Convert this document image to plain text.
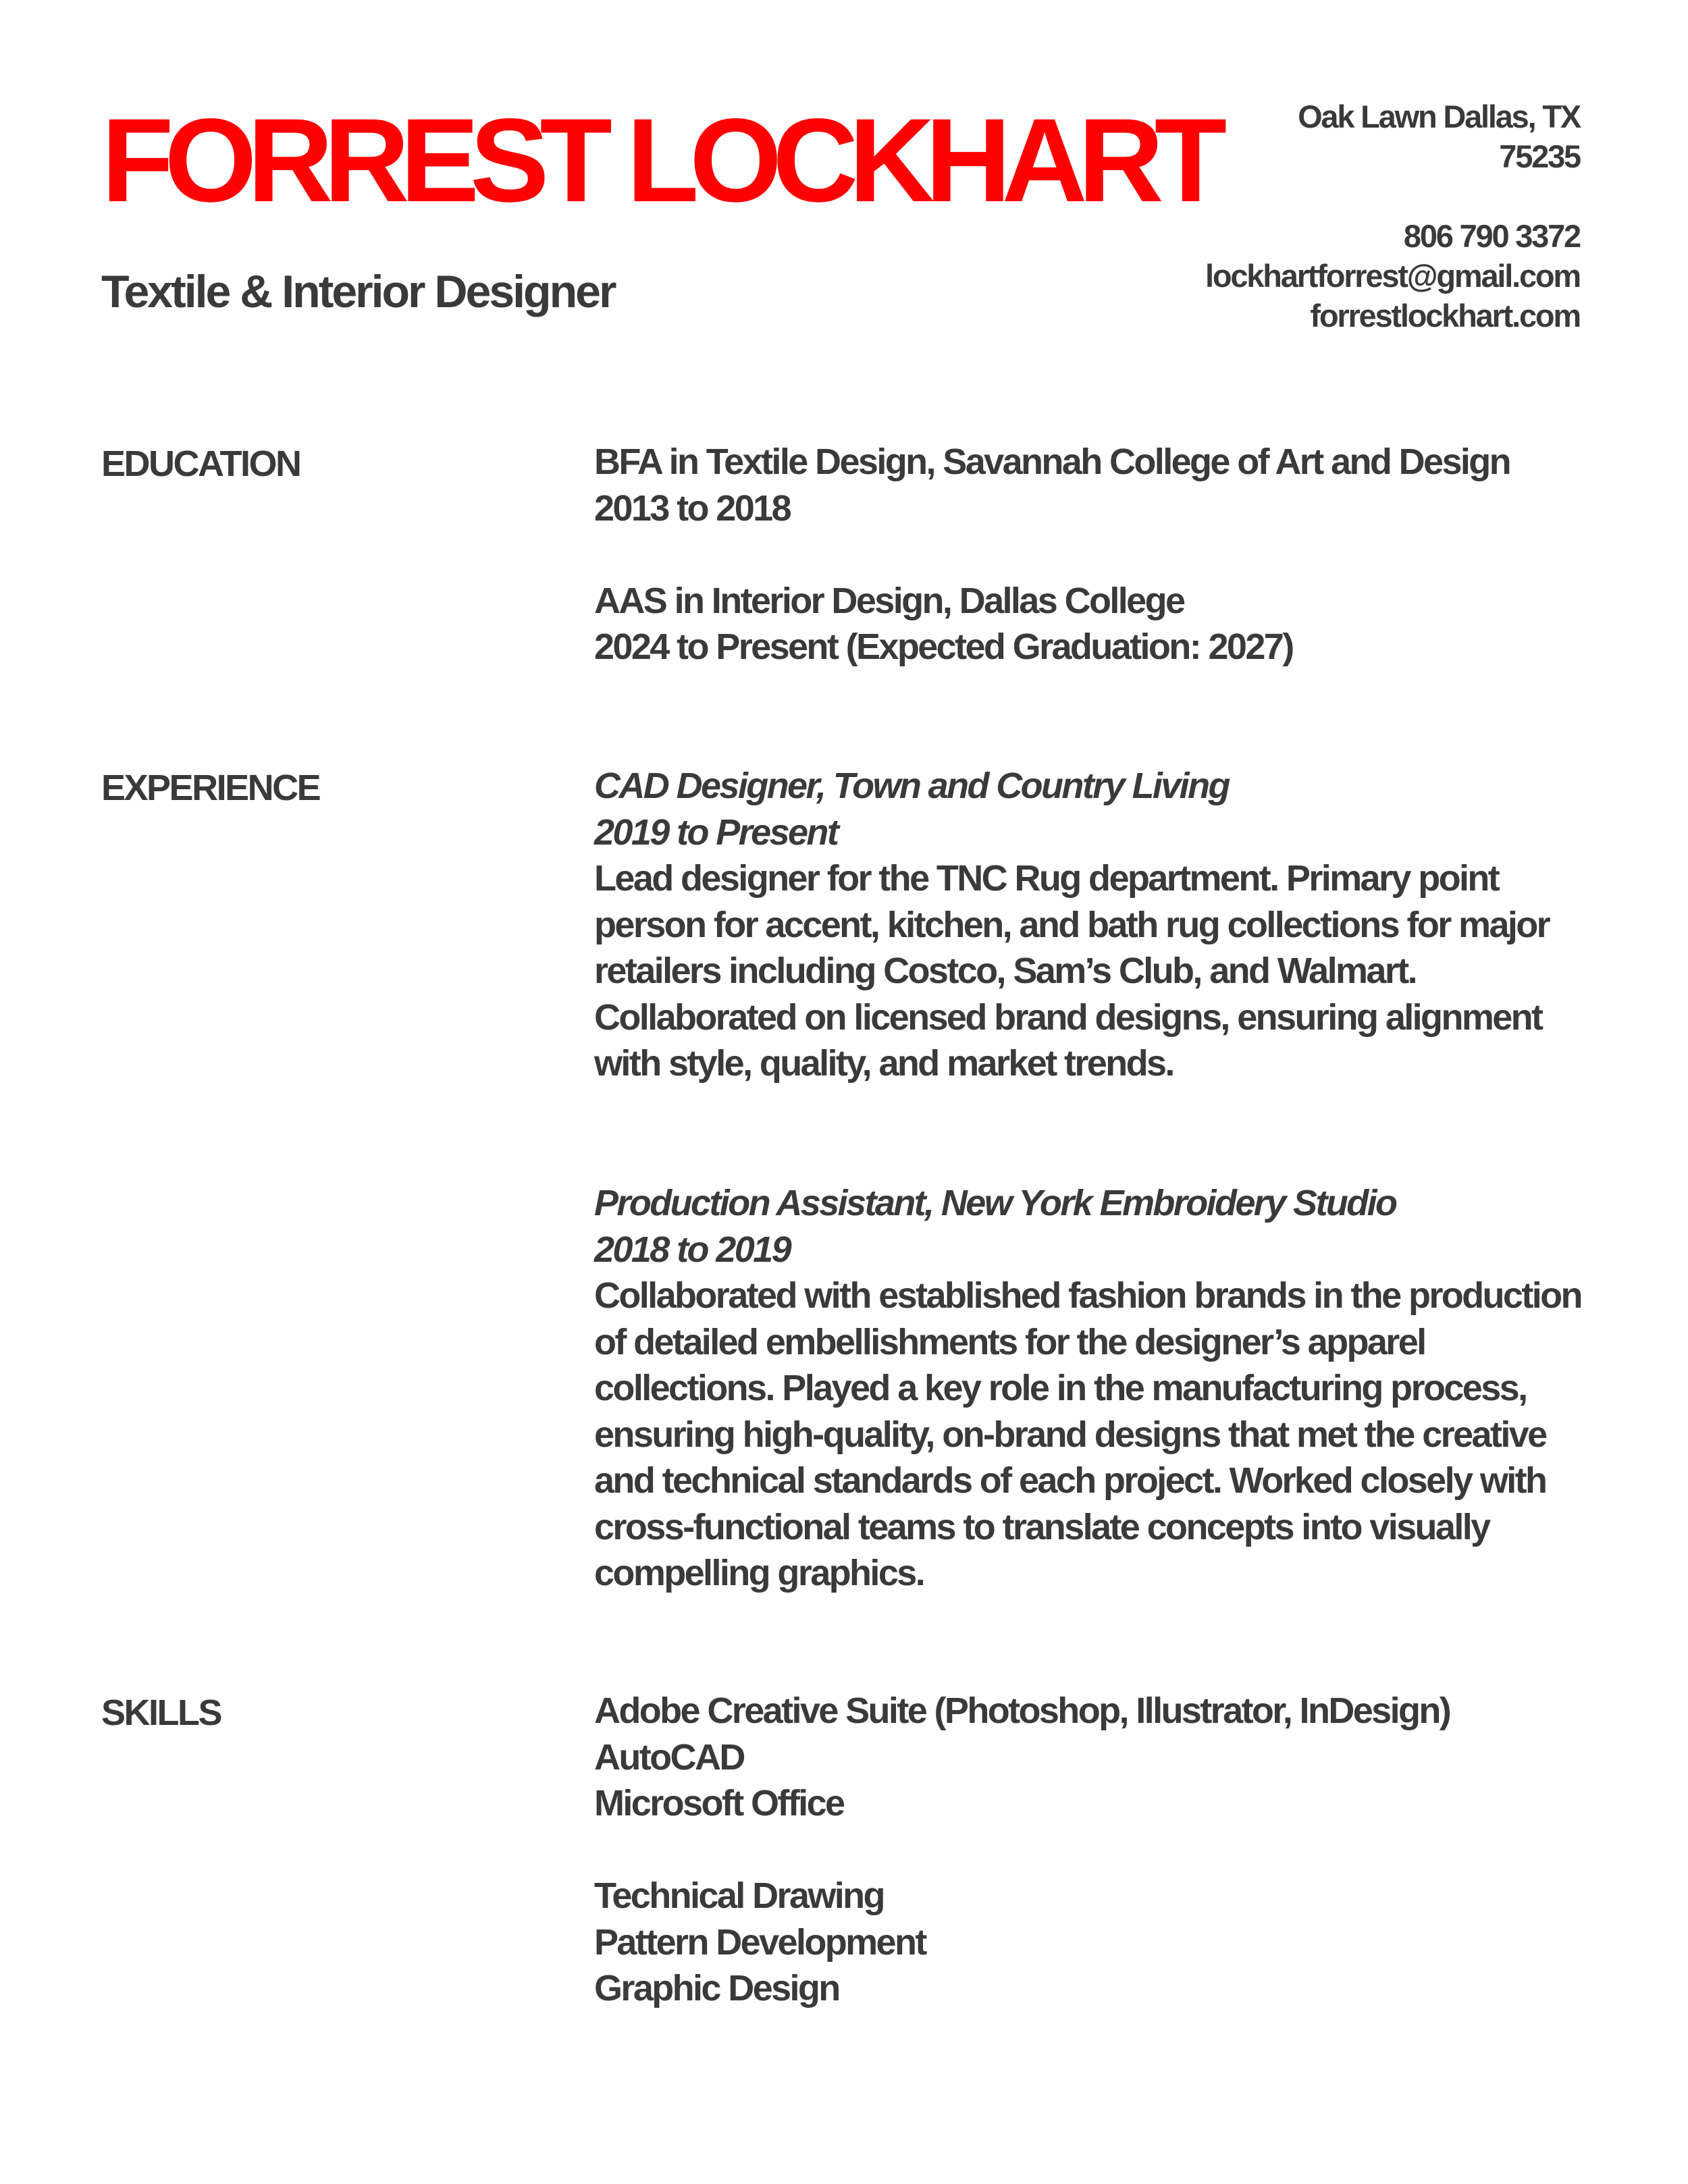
FORREST LOCKHART
Textile & Interior Designer
Oak Lawn Dallas, TX
75235
806 790 3372
lockhartforrest@gmail.com
forrestlockhart.com
EDUCATION	BFA in Textile Design, Savannah College of Art and Design
2013 to 2018
AAS in Interior Design, Dallas College
2024 to Present (Expected Graduation: 2027)
EXPERIENCE	CAD Designer, Town and Country Living
2019 to Present
Lead designer for the TNC Rug department. Primary point
person for accent, kitchen, and bath rug collections for major
retailers including Costco, Sam’s Club, and Walmart.
Collaborated on licensed brand designs, ensuring alignment
with style, quality, and market trends.
Production Assistant, New York Embroidery Studio
2018 to 2019
Collaborated with established fashion brands in the production
of detailed embellishments for the designer’s apparel
collections. Played a key role in the manufacturing process,
ensuring high-quality, on-brand designs that met the creative
and technical standards of each project. Worked closely with
cross-functional teams to translate concepts into visually
compelling graphics.
SKILLS	Adobe Creative Suite (Photoshop, Illustrator, InDesign)
AutoCAD
Microsoft Office
Technical Drawing
Pattern Development
Graphic Design
